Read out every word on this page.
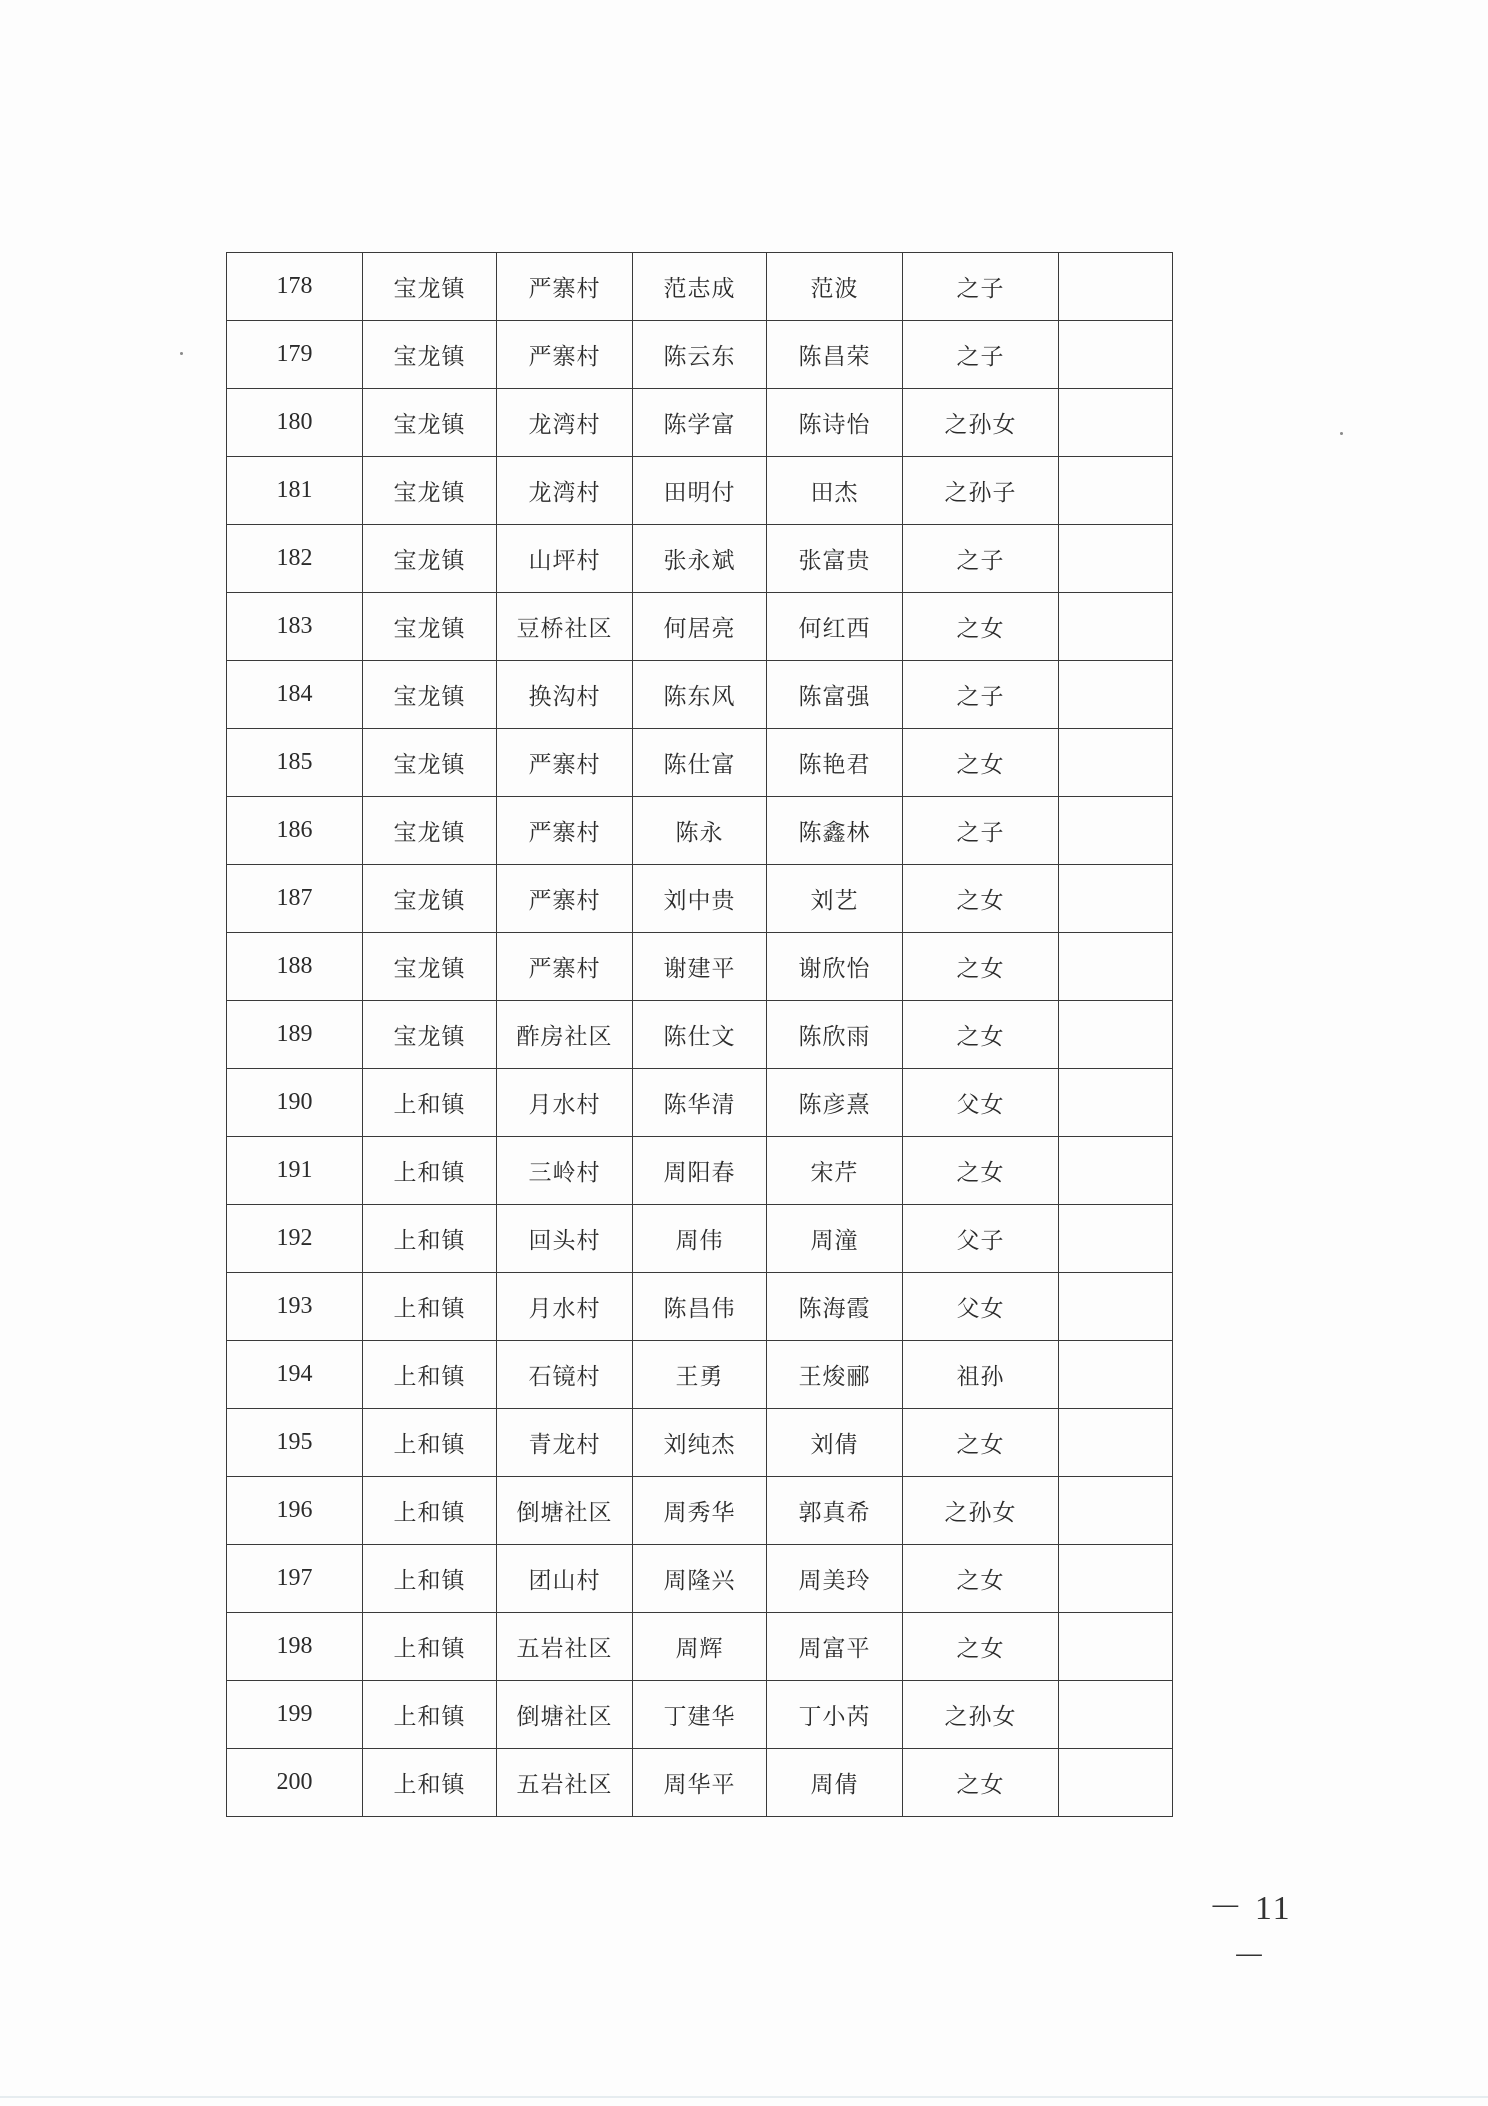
178	宝龙镇	严寨村	范志成	范波	之子	
179	宝龙镇	严寨村	陈云东	陈昌荣	之子	
180	宝龙镇	龙湾村	陈学富	陈诗怡	之孙女	
181	宝龙镇	龙湾村	田明付	田杰	之孙子	
182	宝龙镇	山坪村	张永斌	张富贵	之子	
183	宝龙镇	豆桥社区	何居亮	何红西	之女	
184	宝龙镇	换沟村	陈东风	陈富强	之子	
185	宝龙镇	严寨村	陈仕富	陈艳君	之女	
186	宝龙镇	严寨村	陈永	陈鑫林	之子	
187	宝龙镇	严寨村	刘中贵	刘艺	之女	
188	宝龙镇	严寨村	谢建平	谢欣怡	之女	
189	宝龙镇	酢房社区	陈仕文	陈欣雨	之女	
190	上和镇	月水村	陈华清	陈彦熹	父女	
191	上和镇	三岭村	周阳春	宋芹	之女	
192	上和镇	回头村	周伟	周潼	父子	
193	上和镇	月水村	陈昌伟	陈海霞	父女	
194	上和镇	石镜村	王勇	王焌郦	祖孙	
195	上和镇	青龙村	刘纯杰	刘倩	之女	
196	上和镇	倒塘社区	周秀华	郭真希	之孙女	
197	上和镇	团山村	周隆兴	周美玲	之女	
198	上和镇	五岩社区	周辉	周富平	之女	
199	上和镇	倒塘社区	丁建华	丁小芮	之孙女	
200	上和镇	五岩社区	周华平	周倩	之女	
－ 11 －
